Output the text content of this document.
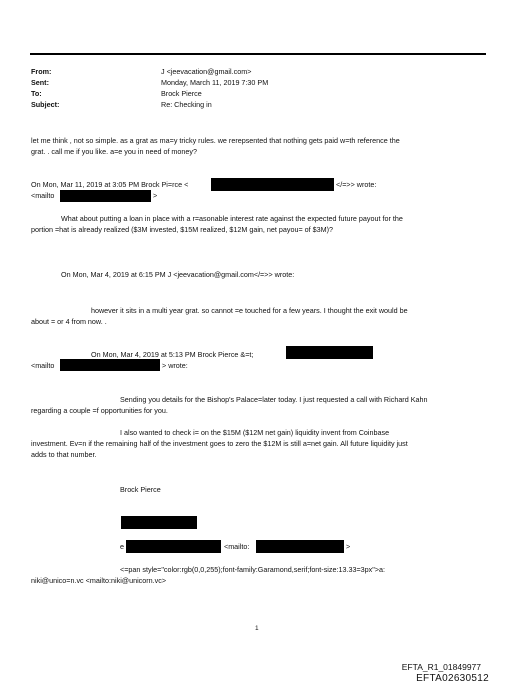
From:	J <jeevacation@gmail.com>
Sent:	Monday, March 11, 2019 7:30 PM
To:	Brock Pierce
Subject:	Re: Checking in
let me think , not so simple. as a grat as ma=y tricky rules. we rerepsented that nothing gets paid w=th reference the
grat. . call me if you like. a=e you in need of money?
On Mon, Mar 11, 2019 at 3:05 PM Brock Pi=rce <	</=>> wrote:
<mailto	>
What about putting a loan in place with a r=asonable interest rate against the expected future payout for the
portion =hat is already realized ($3M invested, $15M realized, $12M gain, net payou= of $3M)?
On Mon, Mar 4, 2019 at 6:15 PM J <jeevacation@gmail.com</=>> wrote:
however it sits in a multi year grat. so cannot =e touched for a few years. I thought the exit would be
about = or 4 from now. .
On Mon, Mar 4, 2019 at 5:13 PM Brock Pierce &=t;
<mailto	> wrote:
Sending you details for the Bishop's Palace=later today. I just requested a call with Richard Kahn
regarding a couple =f opportunities for you.
I also wanted to check i= on the $15M ($12M net gain) liquidity invent from Coinbase
investment. Ev=n if the remaining half of the investment goes to zero the $12M is still a=net gain. All future liquidity just
adds to that number.
Brock Pierce
e	<mailto:	>
<=pan style="color:rgb(0,0,255);font-family:Garamond,serif;font-size:13.33=3px">a:
niki@unico=n.vc <mailto:niki@unicorn.vc>
1
EFTA_R1_01849977
EFTA02630512
